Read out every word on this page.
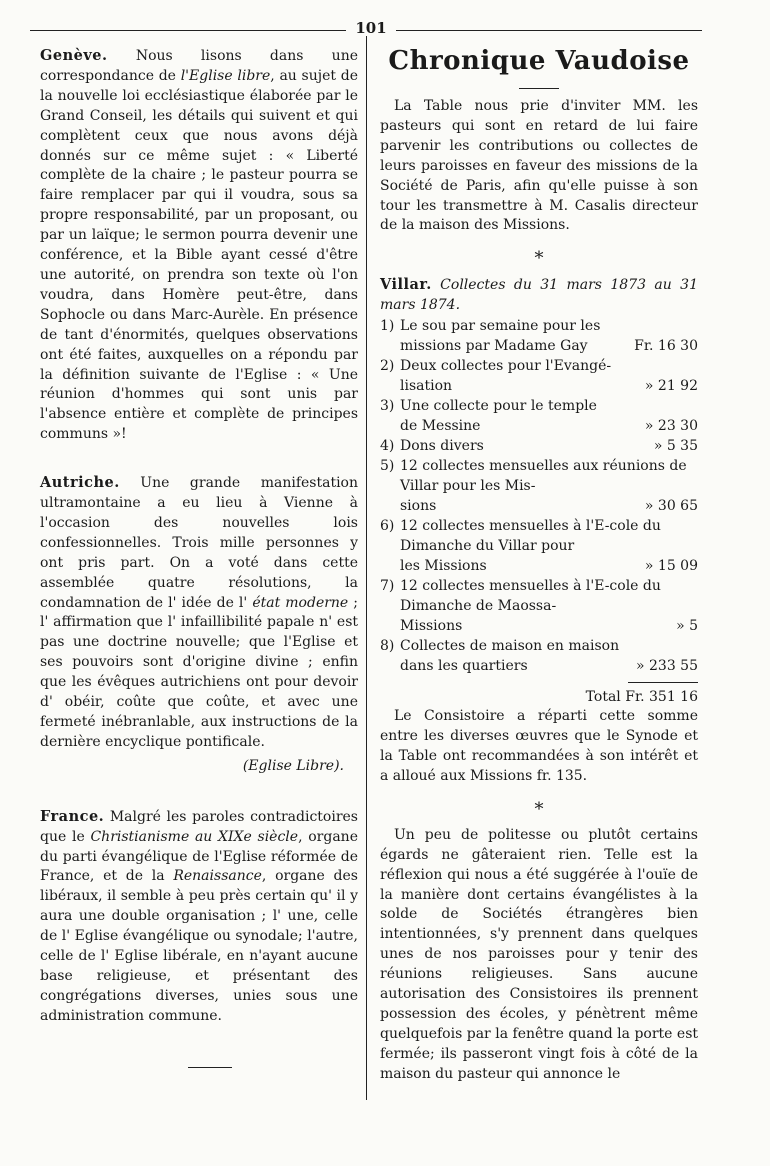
101

Genève. Nous lisons dans une correspondance de l'Eglise libre, au sujet de la nouvelle loi ecclésiastique élaborée par le Grand Conseil, les détails qui suivent et qui complètent ceux que nous avons déjà donnés sur ce même sujet : « Liberté complète de la chaire ; le pasteur pourra se faire remplacer par qui il voudra, sous sa propre responsabilité, par un proposant, ou par un laïque; le sermon pourra devenir une conférence, et la Bible ayant cessé d'être une autorité, on prendra son texte où l'on voudra, dans Homère peut-être, dans Sophocle ou dans Marc-Aurèle. En présence de tant d'énormités, quelques observations ont été faites, auxquelles on a répondu par la définition suivante de l'Eglise : « Une réunion d'hommes qui sont unis par l'absence entière et complète de principes communs »!

Autriche. Une grande manifestation ultramontaine a eu lieu à Vienne à l'occasion des nouvelles lois confessionnelles. Trois mille personnes y ont pris part. On a voté dans cette assemblée quatre résolutions, la condamnation de l' idée de l' état moderne ; l' affirmation que l' infaillibilité papale n' est pas une doctrine nouvelle; que l'Eglise et ses pouvoirs sont d'origine divine ; enfin que les évêques autrichiens ont pour devoir d' obéir, coûte que coûte, et avec une fermeté inébranlable, aux instructions de la dernière encyclique pontificale.

(Eglise Libre).

France. Malgré les paroles contradictoires que le Christianisme au XIXe siècle, organe du parti évangélique de l'Eglise réformée de France, et de la Renaissance, organe des libéraux, il semble à peu près certain qu' il y aura une double organisation ; l' une, celle de l' Eglise évangélique ou synodale; l'autre, celle de l' Eglise libérale, en n'ayant aucune base religieuse, et présentant des congrégations diverses, unies sous une administration commune.

Chronique Vaudoise

La Table nous prie d'inviter MM. les pasteurs qui sont en retard de lui faire parvenir les contributions ou collectes de leurs paroisses en faveur des missions de la Société de Paris, afin qu'elle puisse à son tour les transmettre à M. Casalis directeur de la maison des Missions.

*

Villar. Collectes du 31 mars 1873 au 31 mars 1874.

1) Le sou par semaine pour les
missions par Madame Gay	Fr. 16 30
2) Deux collectes pour l'Evangé-
lisation	» 21 92
3) Une collecte pour le temple
de Messine	» 23 30
4) Dons divers	» 5 35
5) 12 collectes mensuelles aux réunions de Villar pour les Mis-
sions	» 30 65
6) 12 collectes mensuelles à l'E-cole du Dimanche du Villar pour
les Missions	» 15 09
7) 12 collectes mensuelles à l'E-cole du Dimanche de Maossa-
Missions	» 5
8) Collectes de maison en maison
dans les quartiers	» 233 55
Total Fr. 351 16

Le Consistoire a réparti cette somme entre les diverses œuvres que le Synode et la Table ont recommandées à son intérêt et a alloué aux Missions fr. 135.

*

Un peu de politesse ou plutôt certains égards ne gâteraient rien. Telle est la réflexion qui nous a été suggérée à l'ouïe de la manière dont certains évangélistes à la solde de Sociétés étrangères bien intentionnées, s'y prennent dans quelques unes de nos paroisses pour y tenir des réunions religieuses. Sans aucune autorisation des Consistoires ils prennent possession des écoles, y pénètrent même quelquefois par la fenêtre quand la porte est fermée; ils passeront vingt fois à côté de la maison du pasteur qui annonce le
